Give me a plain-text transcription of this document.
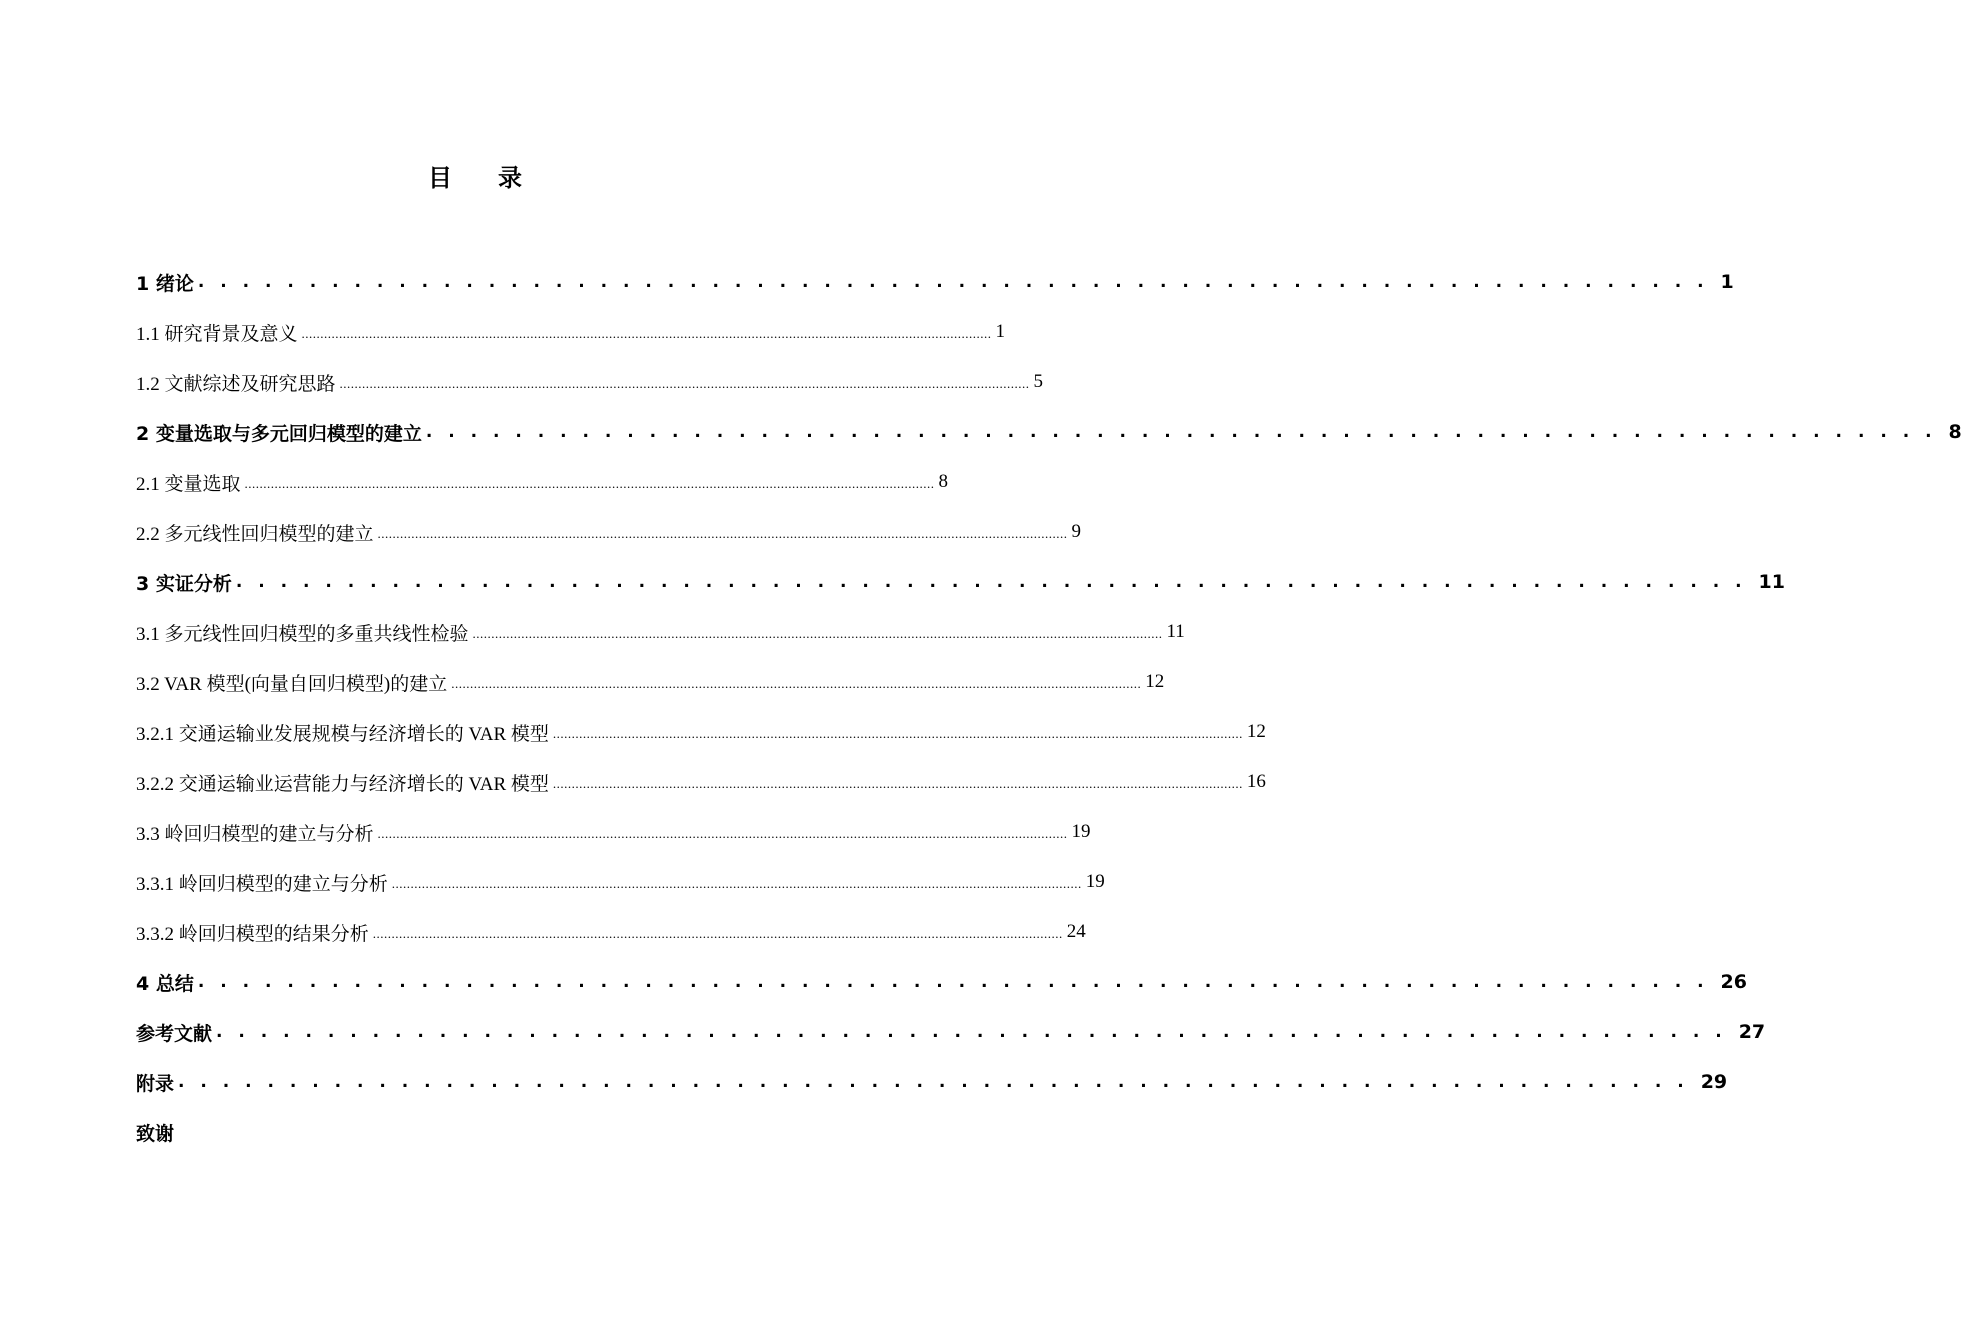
目 录
1 绪论 . . . . . . . . . . . . . . . . . . . . . . . . . . . . . . . . . . . . . . . . . . . . . . . . . . . . . . . . . . . . . . . . . . . . 1
1.1 研究背景及意义 ........................................................................................................................................................................................ 1
1.2 文献综述及研究思路 ........................................................................................................................................................................................ 5
2 变量选取与多元回归模型的建立 . . . . . . . . . . . . . . . . . . . . . . . . . . . . . . . . . . . . . . . . . . . . . . . . . . . . . . . . . . . . . . . . . . . . 8
2.1 变量选取 ........................................................................................................................................................................................ 8
2.2 多元线性回归模型的建立 ........................................................................................................................................................................................ 9
3 实证分析 . . . . . . . . . . . . . . . . . . . . . . . . . . . . . . . . . . . . . . . . . . . . . . . . . . . . . . . . . . . . . . . . . . . . 11
3.1 多元线性回归模型的多重共线性检验 ........................................................................................................................................................................................ 11
3.2 VAR 模型(向量自回归模型)的建立 ........................................................................................................................................................................................ 12
3.2.1 交通运输业发展规模与经济增长的 VAR 模型 ........................................................................................................................................................................................ 12
3.2.2 交通运输业运营能力与经济增长的 VAR 模型 ........................................................................................................................................................................................ 16
3.3 岭回归模型的建立与分析 ........................................................................................................................................................................................ 19
3.3.1 岭回归模型的建立与分析 ........................................................................................................................................................................................ 19
3.3.2 岭回归模型的结果分析 ........................................................................................................................................................................................ 24
4 总结 . . . . . . . . . . . . . . . . . . . . . . . . . . . . . . . . . . . . . . . . . . . . . . . . . . . . . . . . . . . . . . . . . . . . 26
参考文献 . . . . . . . . . . . . . . . . . . . . . . . . . . . . . . . . . . . . . . . . . . . . . . . . . . . . . . . . . . . . . . . . . . . . 27
附录 . . . . . . . . . . . . . . . . . . . . . . . . . . . . . . . . . . . . . . . . . . . . . . . . . . . . . . . . . . . . . . . . . . . . 29
致谢
